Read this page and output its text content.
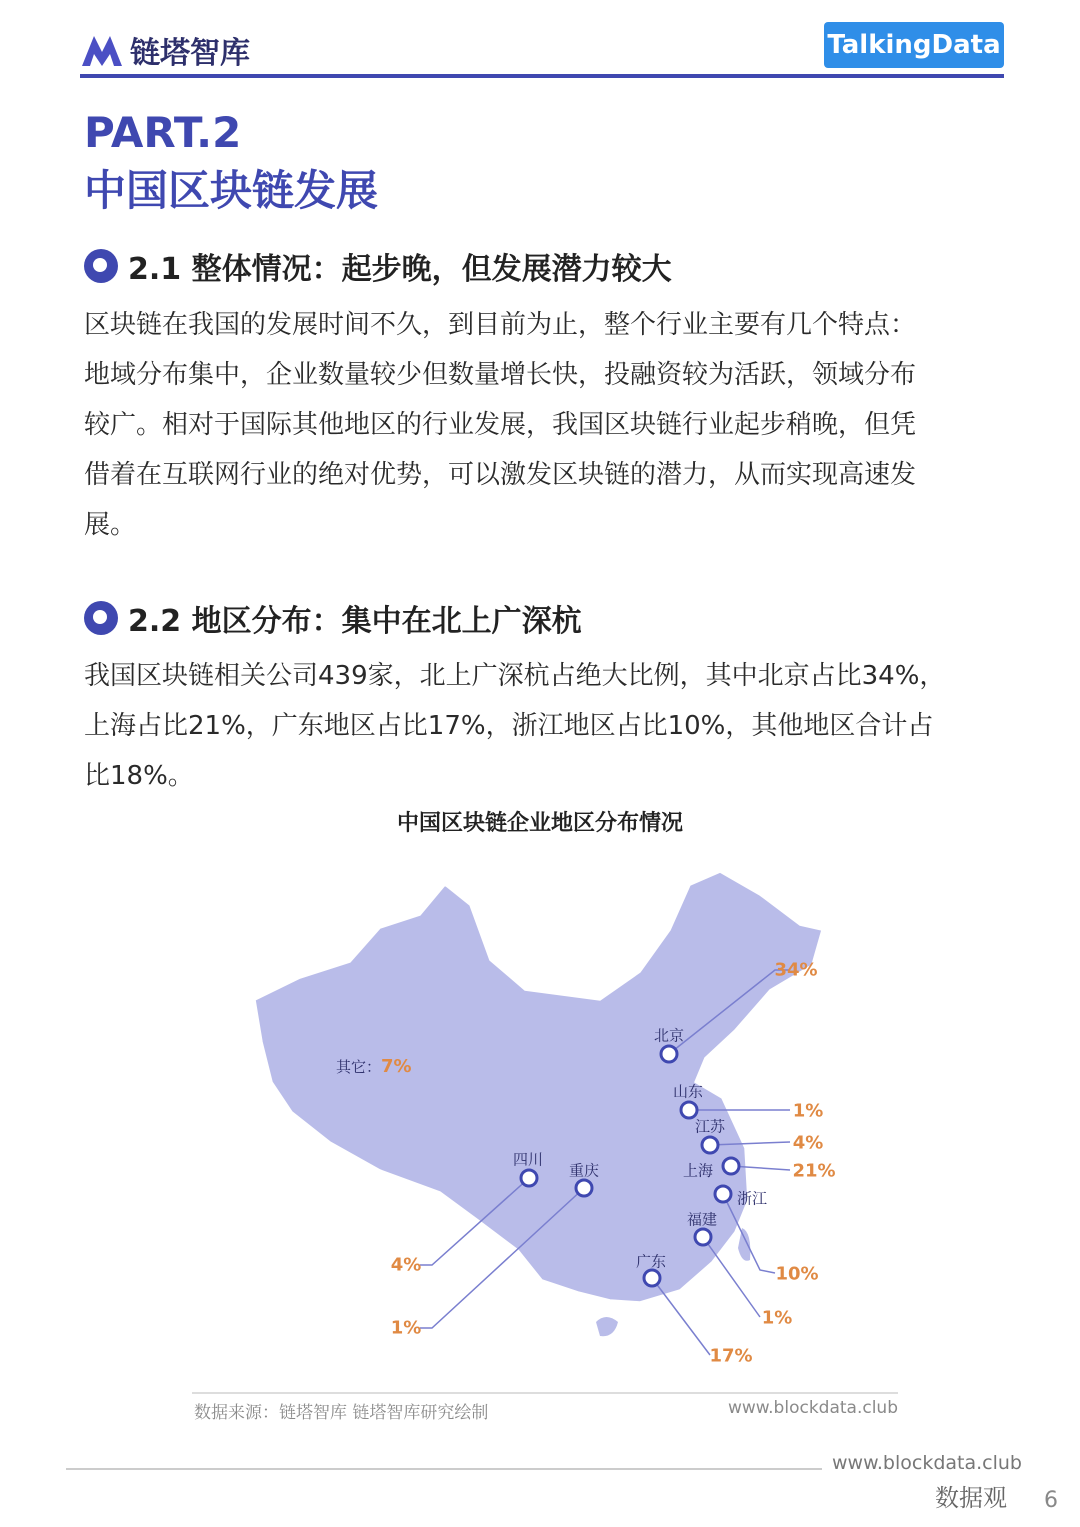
链塔智库	TalkingData
PART.2
中国区块链发展
2.1 整体情况：起步晚，但发展潜力较大
区块链在我国的发展时间不久，到目前为止，整个行业主要有几个特点：
地域分布集中，企业数量较少但数量增长快，投融资较为活跃，领域分布
较广。相对于国际其他地区的行业发展，我国区块链行业起步稍晚，但凭
借着在互联网行业的绝对优势，可以激发区块链的潜力，从而实现高速发
展。
2.2 地区分布：集中在北上广深杭
我国区块链相关公司439家，北上广深杭占绝大比例，其中北京占比34%，
上海占比21%，广东地区占比17%，浙江地区占比10%，其他地区合计占
比18%。
中国区块链企业地区分布情况
北京
34%
山东
1%
江苏
4%
上海	21%
浙江
10%
福建
1%
广东
17%
四川
4%
重庆
1%
其它： 7%
数据来源：链塔智库 链塔智库研究绘制	www.blockdata.club
www.blockdata.club
数据观 6
